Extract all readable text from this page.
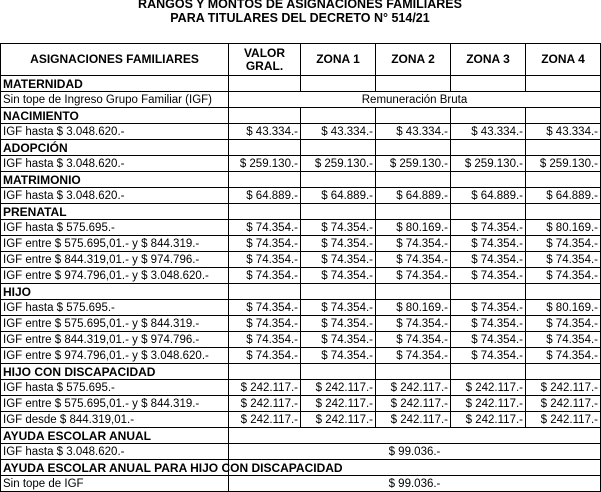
RANGOS Y MONTOS DE ASIGNACIONES FAMILIARES
PARA TITULARES DEL DECRETO N° 514/21
ASIGNACIONES FAMILIARES	VALOR GRAL.	ZONA 1	ZONA 2	ZONA 3	ZONA 4
MATERNIDAD					
Sin tope de Ingreso Grupo Familiar (IGF)	Remuneración Bruta				
NACIMIENTO					
IGF hasta $ 3.048.620.-	$ 43.334.-	$ 43.334.-	$ 43.334.-	$ 43.334.-	$ 43.334.-
ADOPCIÓN					
IGF hasta $ 3.048.620.-	$ 259.130.-	$ 259.130.-	$ 259.130.-	$ 259.130.-	$ 259.130.-
MATRIMONIO					
IGF hasta $ 3.048.620.-	$ 64.889.-	$ 64.889.-	$ 64.889.-	$ 64.889.-	$ 64.889.-
PRENATAL					
IGF hasta $ 575.695.-	$ 74.354.-	$ 74.354.-	$ 80.169.-	$ 74.354.-	$ 80.169.-
IGF entre $ 575.695,01.- y $ 844.319.-	$ 74.354.-	$ 74.354.-	$ 74.354.-	$ 74.354.-	$ 74.354.-
IGF entre $ 844.319,01.- y $ 974.796.-	$ 74.354.-	$ 74.354.-	$ 74.354.-	$ 74.354.-	$ 74.354.-
IGF entre $ 974.796,01.- y $ 3.048.620.-	$ 74.354.-	$ 74.354.-	$ 74.354.-	$ 74.354.-	$ 74.354.-
HIJO					
IGF hasta $ 575.695.-	$ 74.354.-	$ 74.354.-	$ 80.169.-	$ 74.354.-	$ 80.169.-
IGF entre $ 575.695,01.- y $ 844.319.-	$ 74.354.-	$ 74.354.-	$ 74.354.-	$ 74.354.-	$ 74.354.-
IGF entre $ 844.319,01.- y $ 974.796.-	$ 74.354.-	$ 74.354.-	$ 74.354.-	$ 74.354.-	$ 74.354.-
IGF entre $ 974.796,01.- y $ 3.048.620.-	$ 74.354.-	$ 74.354.-	$ 74.354.-	$ 74.354.-	$ 74.354.-
HIJO CON DISCAPACIDAD					
IGF hasta $ 575.695.-	$ 242.117.-	$ 242.117.-	$ 242.117.-	$ 242.117.-	$ 242.117.-
IGF entre $ 575.695,01.- y $ 844.319.-	$ 242.117.-	$ 242.117.-	$ 242.117.-	$ 242.117.-	$ 242.117.-
IGF desde $ 844.319,01.-	$ 242.117.-	$ 242.117.-	$ 242.117.-	$ 242.117.-	$ 242.117.-
AYUDA ESCOLAR ANUAL					
IGF hasta $ 3.048.620.-	$ 99.036.-				
AYUDA ESCOLAR ANUAL PARA HIJO CON DISCAPACIDAD					
Sin tope de IGF	$ 99.036.-				
